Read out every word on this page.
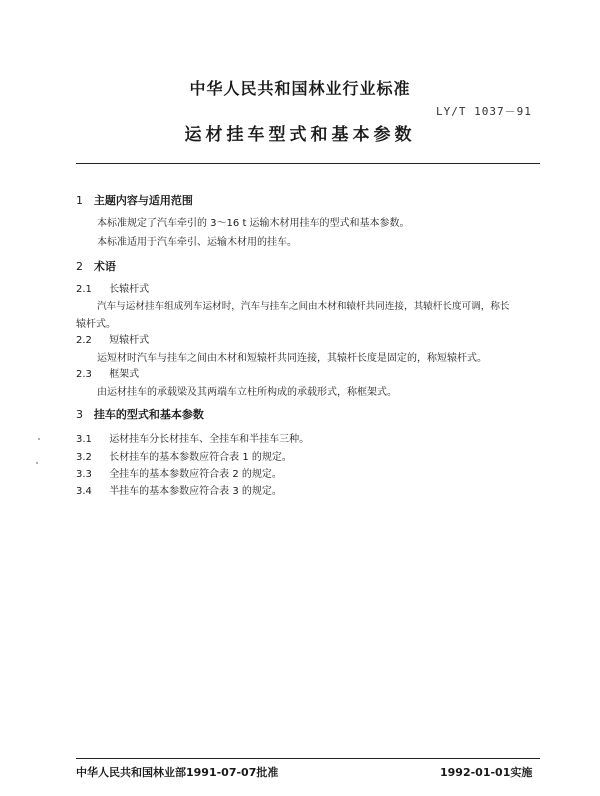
中华人民共和国林业行业标准
LY/T 1037－91
运材挂车型式和基本参数
1 主题内容与适用范围
本标准规定了汽车牵引的 3～16 t 运输木材用挂车的型式和基本参数。
本标准适用于汽车牵引、运输木材用的挂车。
2 术语
2.1 长辕杆式
汽车与运材挂车组成列车运材时，汽车与挂车之间由木材和辕杆共同连接，其辕杆长度可调，称长
辕杆式。
2.2 短辕杆式
运短材时汽车与挂车之间由木材和短辕杆共同连接，其辕杆长度是固定的，称短辕杆式。
2.3 框架式
由运材挂车的承载梁及其两端车立柱所构成的承载形式，称框架式。
3 挂车的型式和基本参数
3.1 运材挂车分长材挂车、全挂车和半挂车三种。
3.2 长材挂车的基本参数应符合表 1 的规定。
3.3 全挂车的基本参数应符合表 2 的规定。
3.4 半挂车的基本参数应符合表 3 的规定。
中华人民共和国林业部1991-07-07批准	1992-01-01实施
